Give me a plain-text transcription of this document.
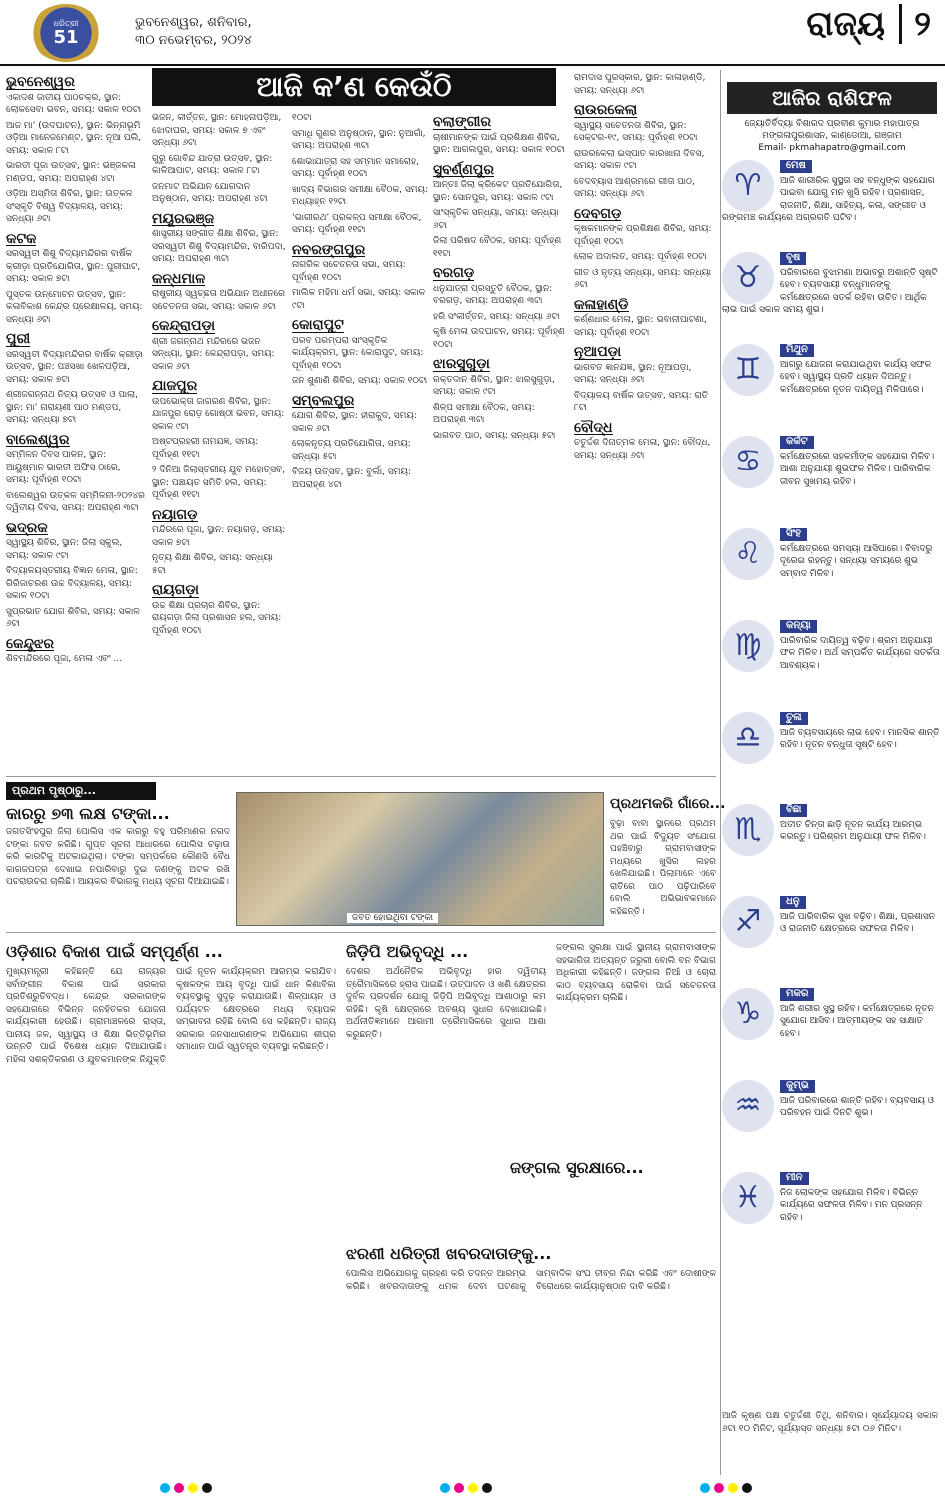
ଧରିତ୍ରୀ
51
ଭୁବନେଶ୍ୱର, ଶନିବାର,
୩୦ ନଭେମ୍ବର, ୨୦୨୪	ରାଜ୍ୟ ୨
ଆଜି କ’ଣ କେଉଁଠି
ଭୁବନେଶ୍ୱର
ଏକାଦଶ ଜାତୀୟ ପାଠଚକ୍ର, ସ୍ଥାନ: ଲୋକସେବା ଭବନ, ସମୟ: ସକାଳ ୧୦ଟା
ଆଜ ମା’ (ଉଦଘାଟନ), ସ୍ଥାନ: ଭିନ୍ନାଭୂମି ଓଡ଼ିଆ ମାନେଜମେଣ୍ଟ, ସ୍ଥାନ: ନୂଆ ପଲି, ସମୟ: ସକାଳ ୮ଟା
ଭାରତୀ ପୂଜା ଉତ୍ସବ, ସ୍ଥାନ: ଭଞ୍ଜକଳା ମଣ୍ଡପ, ସମୟ: ଅପରାହ୍ଣ ୪ଟା
ଓଡ଼ିଆ ଅସ୍ମିତା ଶିବିର, ସ୍ଥାନ: ଉତ୍କଳ ସଂସ୍କୃତି ବିଶ୍ୱ ବିଦ୍ୟାଳୟ, ସମୟ: ସନ୍ଧ୍ୟା ୬ଟା
କଟକ
ସରସ୍ୱତୀ ଶିଶୁ ବିଦ୍ୟାମନ୍ଦିରର ବାର୍ଷିକ କ୍ରୀଡ଼ା ପ୍ରତିଯୋଗିତା, ସ୍ଥାନ: ପୁରୀଘାଟ, ସମୟ: ସକାଳ ୭ଟା
ପୁସ୍ତକ ଉନ୍ମୋଚନ ଉତ୍ସବ, ସ୍ଥାନ: କଳାବିକାଶ କେନ୍ଦ୍ର ପ୍ରେକ୍ଷାଳୟ, ସମୟ: ସନ୍ଧ୍ୟା ୬ଟା
ପୁରୀ
ସରସ୍ୱତୀ ବିଦ୍ୟାମନ୍ଦିରର ବାର୍ଷିକ କ୍ରୀଡ଼ା ଉତ୍ସବ, ସ୍ଥାନ: ପଞ୍ଚସଖା ଖେଳପଡ଼ିଆ, ସମୟ: ସକାଳ ୭ଟା
ଶ୍ରୀଜଗନ୍ନାଥ ନିତ୍ୟ ଉତ୍ସବ ଓ ପାଲା, ସ୍ଥାନ: ମା’ ନାରାୟଣୀ ପାଠ ମଣ୍ଡପ, ସମୟ: ସନ୍ଧ୍ୟା ୭ଟା
ବାଲେଶ୍ୱର
ସମ୍ମିଳନ ଦିବସ ପାଳନ, ସ୍ଥାନ: ଆୟୁଷ୍ମାନ ଭାରତୀ ଅଫିସ ଠାରେ, ସମୟ: ପୂର୍ବାହ୍ଣ ୧୦ଟା
ବାଲେଶ୍ୱର ଉତ୍କଳ ସମ୍ମିଳନୀ-୨୦୨୪ର ଦ୍ୱିତୀୟ ଦିବସ, ସମୟ: ଅପରାହ୍ଣ ୩ଟା
ଭଦ୍ରକ
ସ୍ୱାସ୍ଥ୍ୟ ଶିବିର, ସ୍ଥାନ: ଜିଲା ସ୍କୁଲ, ସମୟ: ସକାଳ ୯ଟା
ବିଦ୍ୟାଳୟସ୍ତରୀୟ ବିଜ୍ଞାନ ମେଳା, ସ୍ଥାନ: ଗିରିଜାଚରଣ ଉଚ୍ଚ ବିଦ୍ୟାଳୟ, ସମୟ: ସକାଳ ୧୦ଟା
ସୁପ୍ରଭାତ ଯୋଗ ଶିବିର, ସମୟ: ସକାଳ ୬ଟା
କେନ୍ଦୁଝର
ଶିବମନ୍ଦିରରେ ପୂଜା, ମେଳା ଏବଂ ...
ଭଜନ, କୀର୍ତ୍ତନ, ସ୍ଥାନ: ମୋହନାପଡ଼ିଆ, ଝୋଦାଘର, ସମୟ: ସକାଳ ୭ ଏବଂ ସନ୍ଧ୍ୟା ୬ଟା
ଗୁରୁ ଗୋବିନ୍ଦ ଯାତ୍ରା ଉତ୍ସବ, ସ୍ଥାନ: କାଳିଆପାଟ, ସମୟ: ସକାଳ ୮ଟା
ଜନମାଟ ଅଭିଯାନ ଯୋଗଦାନ ଅନୁଷ୍ଠାନ, ସମୟ: ଅପରାହ୍ଣ ୪ଟା
ମୟୂରଭଞ୍ଜ
ଶାସ୍ତ୍ରୀୟ ସଙ୍ଗୀତ ଶିକ୍ଷା ଶିବିର, ସ୍ଥାନ: ସରସ୍ୱତୀ ଶିଶୁ ବିଦ୍ୟାମନ୍ଦିର, ବାରିପଦା, ସମୟ: ଅପରାହ୍ଣ ୩ଟା
କନ୍ଧମାଳ
ରାଷ୍ଟ୍ରୀୟ ସ୍ୱଚ୍ଛତା ଅଭିଯାନ ଅଧୀନରେ ସଚେତନତା ସଭା, ସମୟ: ସକାଳ ୬ଟା
କେନ୍ଦ୍ରାପଡ଼ା
ଶ୍ରୀ ଜଗନ୍ନାଥ ମନ୍ଦିରରେ ଭଜନ ସନ୍ଧ୍ୟା, ସ୍ଥାନ: କେନ୍ଦ୍ରାପଡ଼ା, ସମୟ: ସକାଳ ୬ଟା
ଯାଜପୁର
ଉପଭୋକ୍ତା ଜାଗରଣ ଶିବିର, ସ୍ଥାନ: ଯାଜପୁର ରୋଡ଼ ଗୋଷ୍ଠୀ ଭବନ, ସମୟ: ସକାଳ ୯ଟା
ଅଷ୍ଟପ୍ରହରୀ ନାମଯଜ୍ଞ, ସମୟ: ପୂର୍ବାହ୍ଣ ୧୧ଟା
୨ ଦିନିଆ ଜିଲାସ୍ତରୀୟ ଯୁବ ମହୋତ୍ସବ, ସ୍ଥାନ: ପଞ୍ଚାୟତ ସମିତି ହଲ, ସମୟ: ପୂର୍ବାହ୍ଣ ୧୧ଟା
ନୟାଗଡ଼
ମନ୍ଦିରରେ ପୂଜା, ସ୍ଥାନ: ନୟାଗଡ଼, ସମୟ: ସକାଳ ୭ଟା
ନୃତ୍ୟ ଶିକ୍ଷା ଶିବିର, ସମୟ: ସନ୍ଧ୍ୟା ୫ଟା
ରାୟଗଡ଼ା
ଉଚ୍ଚ ଶିକ୍ଷା ପ୍ରଚାର ଶିବିର, ସ୍ଥାନ: ରାୟଗଡ଼ା ଜିଲା ପ୍ରଶାସନ ହଲ, ସମୟ: ପୂର୍ବାହ୍ଣ ୧୦ଟା
୧୦ଟା
ସମାଧି ଗୁଣର ଅନୁଷ୍ଠାନ, ସ୍ଥାନ: ନୁଆଗାଁ, ସମୟ: ଅପରାହ୍ଣ ୩ଟା
ଶୋଭାଯାତ୍ରା ସହ ସମ୍ମାନ ସମାରୋହ, ସମୟ: ପୂର୍ବାହ୍ଣ ୧୦ଟା
ଖାଦ୍ୟ ବିଭାଗର ସମୀକ୍ଷା ବୈଠକ, ସମୟ: ମଧ୍ୟାହ୍ନ ୧୨ଟା
‘ଭାଗୀରଥ’ ପ୍ରକଳ୍ପ ସମୀକ୍ଷା ବୈଠକ, ସମୟ: ପୂର୍ବାହ୍ଣ ୧୧ଟା
ନବରଙ୍ଗପୁର
ନାଗରିକ ସଚେତନତା ସଭା, ସମୟ: ପୂର୍ବାହ୍ଣ ୧୦ଟା
ମାଲିକ ମହିମା ଧର୍ମ ସଭା, ସମୟ: ସକାଳ ୯ଟା
କୋରାପୁଟ
ପରବ ପରମ୍ପରା ସାଂସ୍କୃତିକ କାର୍ଯ୍ୟକ୍ରମ, ସ୍ଥାନ: କୋରାପୁଟ, ସମୟ: ପୂର୍ବାହ୍ଣ ୧୦ଟା
ଜନ ଶୁଣାଣି ଶିବିର, ସମୟ: ସକାଳ ୧୦ଟା
ସମ୍ବଲପୁର
ଯୋଗ ଶିବିର, ସ୍ଥାନ: ହୀରାକୁଦ, ସମୟ: ସକାଳ ୬ଟା
ଲୋକନୃତ୍ୟ ପ୍ରତିଯୋଗିତା, ସମୟ: ସନ୍ଧ୍ୟା ୫ଟା
ବିଜୟ ଉତ୍ସବ, ସ୍ଥାନ: ବୁର୍ଲା, ସମୟ: ଅପରାହ୍ଣ ୪ଟା
ବଲାଙ୍ଗୀର
ଚାଷୀମାନଙ୍କ ପାଇଁ ପ୍ରଶିକ୍ଷଣ ଶିବିର, ସ୍ଥାନ: ଆଗଲପୁର, ସମୟ: ସକାଳ ୧୦ଟା
ସୁବର୍ଣ୍ଣପୁର
ଆନ୍ତଃ ଜିଲା କ୍ରିକେଟ ପ୍ରତିଯୋଗିତା, ସ୍ଥାନ: ସୋନପୁର, ସମୟ: ସକାଳ ୯ଟା
ସାଂସ୍କୃତିକ ସନ୍ଧ୍ୟା, ସମୟ: ସନ୍ଧ୍ୟା ୬ଟା
ଜିଲା ପରିଷଦ ବୈଠକ, ସମୟ: ପୂର୍ବାହ୍ଣ ୧୧ଟା
ବରଗଡ଼
ଧନୁଯାତ୍ରା ପ୍ରସ୍ତୁତି ବୈଠକ, ସ୍ଥାନ: ବରଗଡ଼, ସମୟ: ଅପରାହ୍ଣ ୩ଟା
ହରି ସଂକୀର୍ତ୍ତନ, ସମୟ: ସନ୍ଧ୍ୟା ୬ଟା
କୃଷି ମେଳା ଉଦଘାଟନ, ସମୟ: ପୂର୍ବାହ୍ଣ ୧୦ଟା
ଝାରସୁଗୁଡ଼ା
ରକ୍ତଦାନ ଶିବିର, ସ୍ଥାନ: ଝାରସୁଗୁଡ଼ା, ସମୟ: ସକାଳ ୯ଟା
ଶିଳ୍ପ ସମୀକ୍ଷା ବୈଠକ, ସମୟ: ଅପରାହ୍ଣ ୩ଟା
ଭାଗବତ ପାଠ, ସମୟ: ସନ୍ଧ୍ୟା ୫ଟା
ରାମଦାସ ପୁରସ୍କାର, ସ୍ଥାନ: କାଳାହାଣ୍ଡି, ସମୟ: ସନ୍ଧ୍ୟା ୬ଟା
ରାଉରକେଲା
ସ୍ୱାସ୍ଥ୍ୟ ସଚେତନତା ଶିବିର, ସ୍ଥାନ: ସେକ୍ଟର-୧୯, ସମୟ: ପୂର୍ବାହ୍ଣ ୧୦ଟା
ରାଉରକେଲା ଇସ୍ପାତ କାରଖାନା ଦିବସ, ସମୟ: ସକାଳ ୯ଟା
ବେଦବ୍ୟାସ ଆଶ୍ରମରେ ଗୀତା ପାଠ, ସମୟ: ସନ୍ଧ୍ୟା ୬ଟା
ଦେବଗଡ଼
କୃଷକମାନଙ୍କ ପ୍ରଶିକ୍ଷଣ ଶିବିର, ସମୟ: ପୂର୍ବାହ୍ଣ ୧୦ଟା
ଲୋକ ଅଦାଲତ, ସମୟ: ପୂର୍ବାହ୍ଣ ୧୦ଟା
ଗୀତ ଓ ନୃତ୍ୟ ସନ୍ଧ୍ୟା, ସମୟ: ସନ୍ଧ୍ୟା ୬ଟା
କଳାହାଣ୍ଡି
କର୍ଣ୍ଣଧାର ମେଳା, ସ୍ଥାନ: ଭବାନୀପାଟଣା, ସମୟ: ପୂର୍ବାହ୍ଣ ୧୦ଟା
ନୂଆପଡ଼ା
ଭାଗବତ ଜ୍ଞାନଯଜ୍ଞ, ସ୍ଥାନ: ନୂଆପଡ଼ା, ସମୟ: ସନ୍ଧ୍ୟା ୬ଟା
ବିଦ୍ୟାଳୟ ବାର୍ଷିକ ଉତ୍ସବ, ସମୟ: ରାତି ୮ଟା
ବୌଦ୍ଧ
ଚତୁର୍ଦ୍ଦଶ ଦିନାତ୍ମକ ମେଳା, ସ୍ଥାନ: ବୌଦ୍ଧ, ସମୟ: ସନ୍ଧ୍ୟା ୬ଟା
ଆଜିର ରାଶିଫଳ
ଜ୍ୟୋତିର୍ବିଦ୍ୟା ବିଶାରଦ ପ୍ରବୀଣ କୁମାର ମହାପାତ୍ର
ମଙ୍ଗଳାପୁରଶାସନ, କାଣ୍ଡୋଆ, ଗଞ୍ଜାମ
Email- pkmahapatro@gmail.com
♈
ମେଷ
ଆଜି ଶାରୀରିକ ସୁସ୍ଥତା ସହ ବନ୍ଧୁଙ୍କ ସହଯୋଗ ପାଇବା ଯୋଗୁ ମନ ଖୁସି ରହିବ। ପ୍ରଶାସନ, ରାଜନୀତି, ଶିକ୍ଷା, ସାହିତ୍ୟ, କଳା, ସଙ୍ଗୀତ ଓ ରଙ୍ଗମଞ୍ଚ କାର୍ଯ୍ୟରେ ଅଗ୍ରଗତି ଘଟିବ।
♉
ବୃଷ
ପରିବାରରେ ବୁଝାମଣା ଅଭାବରୁ ଅଶାନ୍ତି ସୃଷ୍ଟି ହେବ। ବ୍ୟବସାୟୀ ବନ୍ଧୁମାନଙ୍କୁ କର୍ମକ୍ଷେତ୍ରରେ ସତର୍କ ରହିବା ଉଚିତ। ଆର୍ଥିକ ଲାଭ ପାଇଁ ସକାଳ ସମୟ ଶୁଭ।
♊
ମିଥୁନ
ଆଗରୁ ଯୋଜନା କରାଯାଇଥିବା କାର୍ଯ୍ୟ ସଫଳ ହେବ। ସ୍ୱାସ୍ଥ୍ୟ ପ୍ରତି ଧ୍ୟାନ ଦିଅନ୍ତୁ। କର୍ମକ୍ଷେତ୍ରରେ ନୂତନ ଦାୟିତ୍ୱ ମିଳିପାରେ।
♋
କର୍କଟ
କର୍ମକ୍ଷେତ୍ରରେ ସହକର୍ମୀଙ୍କ ସହଯୋଗ ମିଳିବ। ଆଶା ଅନୁଯାୟୀ ଶୁଭଫଳ ମିଳିବ। ପାରିବାରିକ ଜୀବନ ସୁଖମୟ ରହିବ।
♌
ସିଂହ
କର୍ମକ୍ଷେତ୍ରରେ ସମସ୍ୟା ଆସିପାରେ। ବିବାଦରୁ ଦୂରେଇ ରହନ୍ତୁ। ସନ୍ଧ୍ୟା ସମୟରେ ଶୁଭ ସମ୍ବାଦ ମିଳିବ।
♍
କନ୍ୟା
ପାରିବାରିକ ଦାୟିତ୍ୱ ବଢ଼ିବ। ଶ୍ରମ ଅନୁଯାୟୀ ଫଳ ମିଳିବ। ଅର୍ଥ ସମ୍ପର୍କିତ କାର୍ଯ୍ୟରେ ସତର୍କତା ଆବଶ୍ୟକ।
♎
ତୁଳା
ଆଜି ବ୍ୟବସାୟରେ ଲାଭ ହେବ। ମାନସିକ ଶାନ୍ତି ରହିବ। ନୂତନ ବନ୍ଧୁତା ସୃଷ୍ଟି ହେବ।
♏
ବିଛା
ଅତୀତ ଚିନ୍ତା ଛାଡ଼ି ନୂତନ କାର୍ଯ୍ୟ ଆରମ୍ଭ କରନ୍ତୁ। ପରିଶ୍ରମ ଅନୁଯାୟୀ ଫଳ ମିଳିବ।
♐
ଧନୁ
ଆଜି ପାରିବାରିକ ସୁଖ ବଢ଼ିବ। ଶିକ୍ଷା, ପ୍ରଶାସନ ଓ ରାଜନୀତି କ୍ଷେତ୍ରରେ ସଫଳତା ମିଳିବ।
♑
ମକର
ଆଜି ଶରୀର ସୁସ୍ଥ ରହିବ। କର୍ମକ୍ଷେତ୍ରରେ ନୂତନ ସୁଯୋଗ ଆସିବ। ଆତ୍ମୀୟଙ୍କ ସହ ସାକ୍ଷାତ ହେବ।
♒
କୁମ୍ଭ
ଆଜି ପରିବାରରେ ଶାନ୍ତି ରହିବ। ବ୍ୟବସାୟ ଓ ପରିବହନ ପାଇଁ ଦିନଟି ଶୁଭ।
♓
ମୀନ
ନିଜ ଲୋକଙ୍କ ସହଯୋଗ ମିଳିବ। ବିଭିନ୍ନ କାର୍ଯ୍ୟରେ ସଫଳତା ମିଳିବ। ମନ ପ୍ରସନ୍ନ ରହିବ।
ଆଜି କୃଷ୍ଣ ପକ୍ଷ ଚତୁର୍ଦ୍ଦଶୀ ତିଥି, ଶନିବାର। ସୂର୍ଯ୍ୟୋଦୟ ସକାଳ ୬ଟା ୧୦ ମିନିଟ, ସୂର୍ଯ୍ୟାସ୍ତ ସନ୍ଧ୍ୟା ୫ଟା ୦୬ ମିନିଟ।
ପ୍ରଥମ ପୃଷ୍ଠାରୁ...
କାରରୁ ୭୩ ଲକ୍ଷ ଟଙ୍କା...
ଜଗତସିଂହପୁର ଜିଲା ପୋଲିସ ଏକ କାରରୁ ବହୁ ପରିମାଣର ନଗଦ ଟଙ୍କା ଜବତ କରିଛି। ଗୁପ୍ତ ସୂଚନା ଆଧାରରେ ପୋଲିସ ଚଢ଼ାଉ କରି କାରଟିକୁ ଅଟକାଇଥିଲା। ଟଙ୍କା ସମ୍ପର୍କରେ କୌଣସି ବୈଧ କାଗଜପତ୍ର ଦେଖାଇ ନପାରିବାରୁ ଦୁଇ ଜଣଙ୍କୁ ଅଟକ ରଖି ପଚରାଉଚରା ଚାଲିଛି। ଆୟକର ବିଭାଗକୁ ମଧ୍ୟ ସୂଚନା ଦିଆଯାଇଛି।
ଜବତ ହୋଇଥିବା ଟଙ୍କା
ପ୍ରଥମକରି ଗାଁରେ...
ବୁଢ଼ା ବାବା ସ୍ଥାନରେ ପ୍ରଥମ ଥର ପାଇଁ ବିଦ୍ୟୁତ ସଂଯୋଗ ପହଞ୍ଚିବାରୁ ଗ୍ରାମବାସୀଙ୍କ ମଧ୍ୟରେ ଖୁସିର ଲହର ଖେଳିଯାଇଛି। ପିଲାମାନେ ଏବେ ରାତିରେ ପାଠ ପଢ଼ିପାରିବେ ବୋଲି ଅଭିଭାବକମାନେ କହିଛନ୍ତି।
ଓଡ଼ିଶାର ବିକାଶ ପାଇଁ ସମ୍ପୂର୍ଣ୍ଣ ...
ମୁଖ୍ୟମନ୍ତ୍ରୀ କହିଛନ୍ତି ଯେ ରାଜ୍ୟର ସର୍ବାଙ୍ଗୀନ ବିକାଶ ପାଇଁ ସରକାର ପ୍ରତିଶ୍ରୁତିବଦ୍ଧ। କେନ୍ଦ୍ର ସରକାରଙ୍କ ସହଯୋଗରେ ବିଭିନ୍ନ ଜନହିତକର ଯୋଜନା କାର୍ଯ୍ୟକାରୀ ହେଉଛି। ଗ୍ରାମାଞ୍ଚଳରେ ରାସ୍ତା, ପାନୀୟ ଜଳ, ସ୍ୱାସ୍ଥ୍ୟ ଓ ଶିକ୍ଷା ଭିତ୍ତିଭୂମିର ଉନ୍ନତି ପାଇଁ ବିଶେଷ ଧ୍ୟାନ ଦିଆଯାଉଛି। ମହିଳା ସଶକ୍ତିକରଣ ଓ ଯୁବକମାନଙ୍କ ନିଯୁକ୍ତି ପାଇଁ ନୂତନ କାର୍ଯ୍ୟକ୍ରମ ଆରମ୍ଭ କରାଯିବ। କୃଷକଙ୍କ ଆୟ ବୃଦ୍ଧି ପାଇଁ ଧାନ କିଣାବିକା ବ୍ୟବସ୍ଥାକୁ ସୁଦୃଢ଼ କରାଯାଉଛି। ଶିଳ୍ପାୟନ ଓ ପର୍ଯ୍ୟଟନ କ୍ଷେତ୍ରରେ ମଧ୍ୟ ବ୍ୟାପକ ସମ୍ଭାବନା ରହିଛି ବୋଲି ସେ କହିଛନ୍ତି। ରାଜ୍ୟ ସରକାର ଜନସାଧାରଣଙ୍କ ଅଭିଯୋଗ ଶୀଘ୍ର ସମାଧାନ ପାଇଁ ସ୍ୱତନ୍ତ୍ର ବ୍ୟବସ୍ଥା କରିଛନ୍ତି।
ଜିଡ଼ିପି ଅଭିବୃଦ୍ଧି ...
ଦେଶର ଅର୍ଥନୈତିକ ଅଭିବୃଦ୍ଧି ହାର ଦ୍ୱିତୀୟ ତ୍ରୈମାସିକରେ ହ୍ରାସ ପାଇଛି। ଉତ୍ପାଦନ ଓ ଖଣି କ୍ଷେତ୍ରର ଦୁର୍ବଳ ପ୍ରଦର୍ଶନ ଯୋଗୁ ଜିଡ଼ିପି ଅଭିବୃଦ୍ଧି ଆଶାଠାରୁ କମ ରହିଛି। କୃଷି କ୍ଷେତ୍ରରେ ଅବଶ୍ୟ ସୁଧାର ଦେଖାଯାଇଛି। ଅର୍ଥନୀତିଜ୍ଞମାନେ ଆଗାମୀ ତ୍ରୈମାସିକରେ ସୁଧାର ଆଶା କରୁଛନ୍ତି।
ଜଙ୍ଗଲ ସୁରକ୍ଷାରେ...
ଜଙ୍ଗଲ ସୁରକ୍ଷା ପାଇଁ ସ୍ଥାନୀୟ ଗ୍ରାମବାସୀଙ୍କ ସହଭାଗିତା ଅତ୍ୟନ୍ତ ଜରୁରୀ ବୋଲି ବନ ବିଭାଗ ଅଧିକାରୀ କହିଛନ୍ତି। ଜଙ୍ଗଲ ନିଆଁ ଓ ଚୋରା କାଠ ବ୍ୟବସାୟ ରୋକିବା ପାଇଁ ସଚେତନତା କାର୍ଯ୍ୟକ୍ରମ ଚାଲିଛି।
ଝରଣୀ ଧରିତ୍ରୀ ଖବରଦାତାଙ୍କୁ...
ପୋଲିସ ଅଭିଯୋଗକୁ ଗ୍ରହଣ କରି ତଦନ୍ତ ଆରମ୍ଭ କରିଛି। ଖବରଦାତାଙ୍କୁ ଧମକ ଦେବା ଘଟଣାକୁ ସାମ୍ବାଦିକ ସଂଘ ତୀବ୍ର ନିନ୍ଦା କରିଛି ଏବଂ ଦୋଷୀଙ୍କ ବିରୋଧରେ କାର୍ଯ୍ୟାନୁଷ୍ଠାନ ଦାବି କରିଛି।
